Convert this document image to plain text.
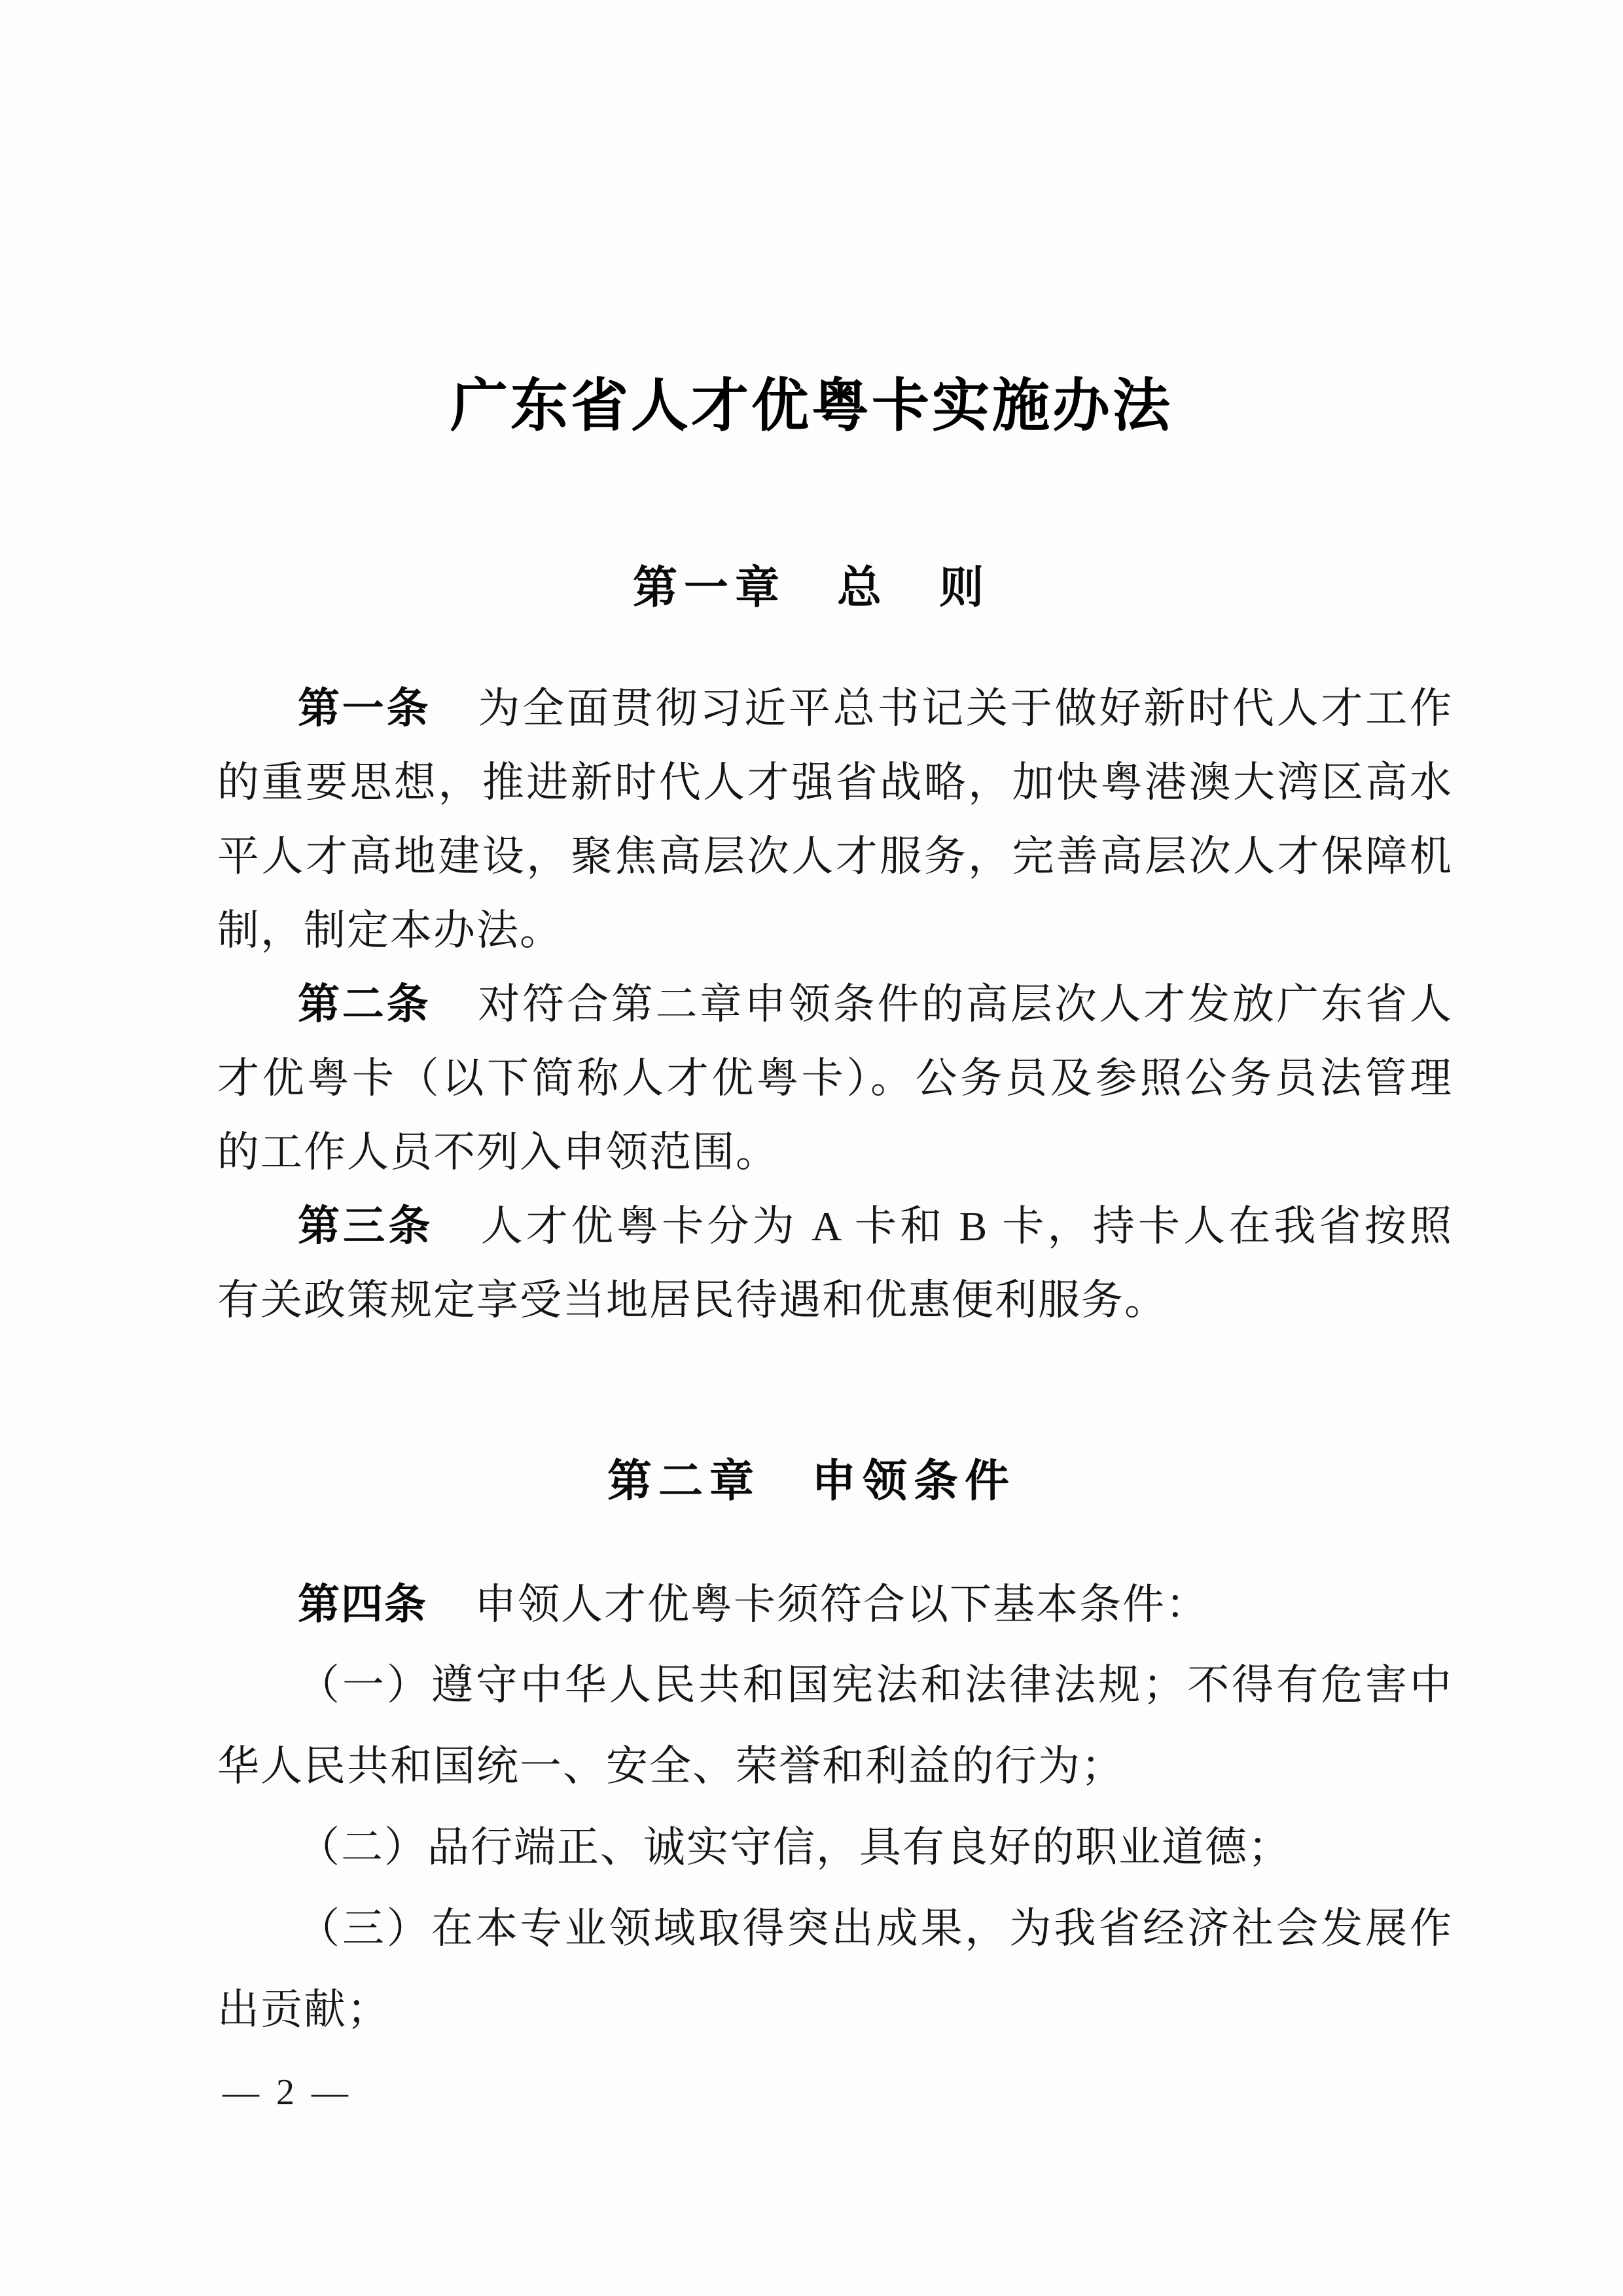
广东省人才优粤卡实施办法
第一章　总　则
第一条 为全面贯彻习近平总书记关于做好新时代人才工作
的重要思想，推进新时代人才强省战略，加快粤港澳大湾区高水
平人才高地建设，聚焦高层次人才服务，完善高层次人才保障机
制，制定本办法。
第二条 对符合第二章申领条件的高层次人才发放广东省人
才优粤卡（以下简称人才优粤卡）。公务员及参照公务员法管理
的工作人员不列入申领范围。
第三条 人才优粤卡分为 A 卡和 B 卡，持卡人在我省按照
有关政策规定享受当地居民待遇和优惠便利服务。
第二章　申领条件
第四条 申领人才优粤卡须符合以下基本条件：
（一）遵守中华人民共和国宪法和法律法规；不得有危害中
华人民共和国统一、安全、荣誉和利益的行为；
（二）品行端正、诚实守信，具有良好的职业道德；
（三）在本专业领域取得突出成果，为我省经济社会发展作
出贡献；
— 2 —
